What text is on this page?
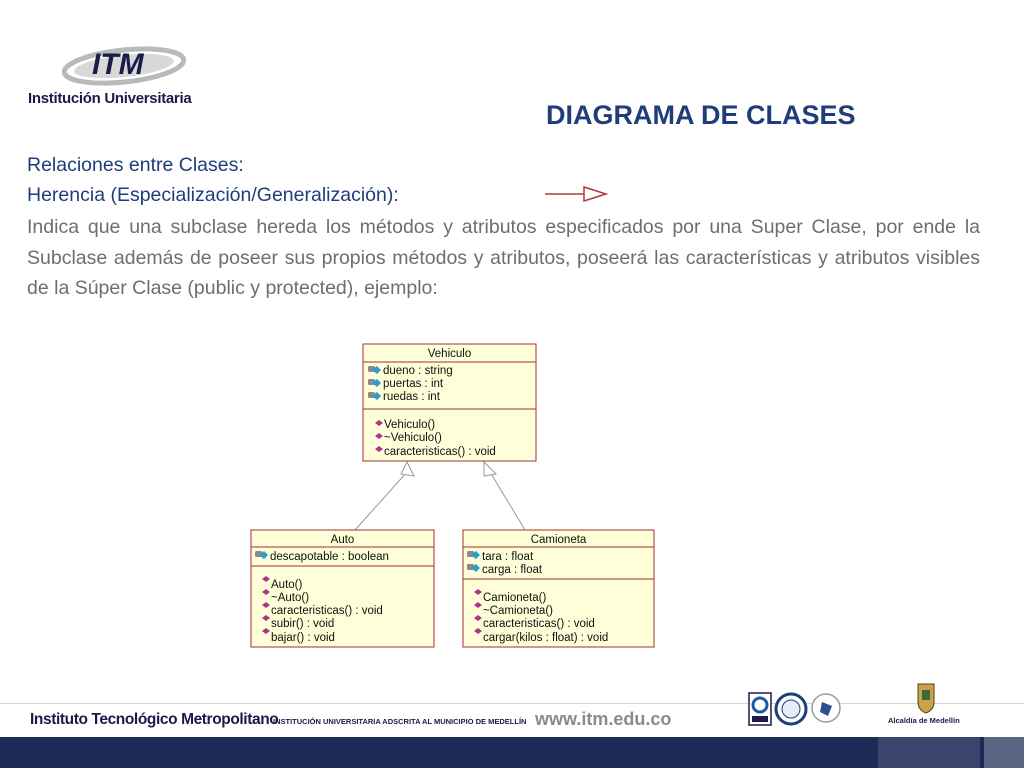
ITM
Institución Universitaria
DIAGRAMA DE CLASES
Relaciones entre Clases:
Herencia (Especialización/Generalización):
Indica que una subclase hereda los métodos y atributos especificados por una Super Clase, por ende la Subclase además de poseer sus propios métodos y atributos, poseerá las características y atributos visibles de la Súper Clase (public y protected), ejemplo:
Vehiculo
dueno : string
puertas : int
ruedas : int
Vehiculo()
~Vehiculo()
caracteristicas() : void
Auto
descapotable : boolean
Auto()
~Auto()
caracteristicas() : void
subir() : void
bajar() : void
Camioneta
tara : float
carga : float
Camioneta()
~Camioneta()
caracteristicas() : void
cargar(kilos : float) : void
Instituto Tecnológico Metropolitano
INSTITUCIÓN UNIVERSITARIA ADSCRITA AL MUNICIPIO DE MEDELLÍN www.itm.edu.co	Alcaldía de Medellín
